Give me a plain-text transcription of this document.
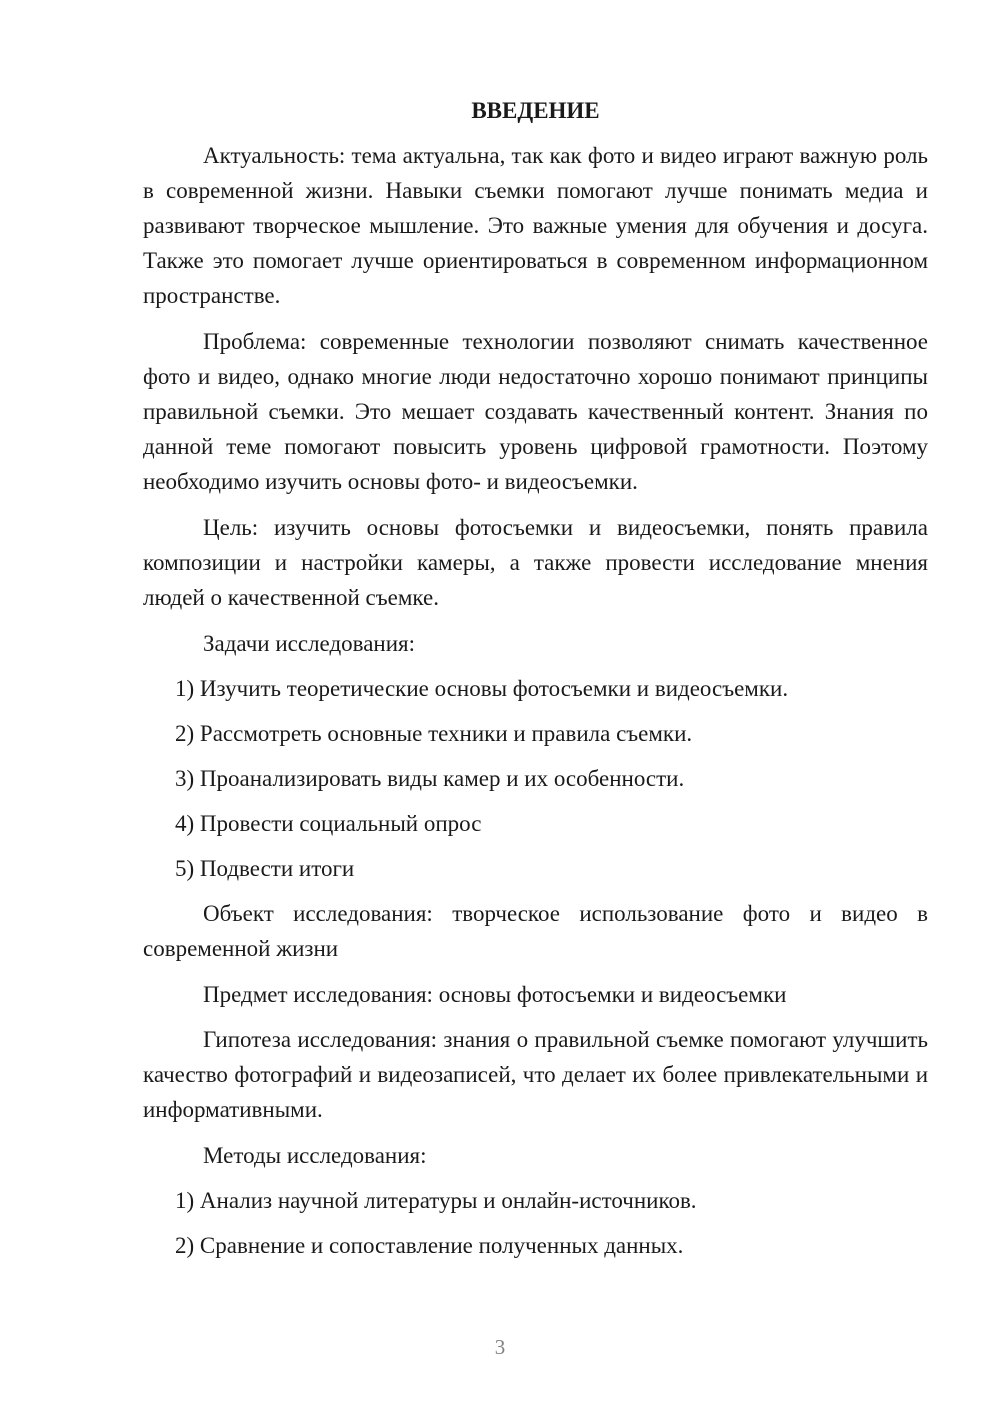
ВВЕДЕНИЕ

Актуальность: тема актуальна, так как фото и видео играют важную роль в современной жизни. Навыки съемки помогают лучше понимать медиа и развивают творческое мышление. Это важные умения для обучения и досуга. Также это помогает лучше ориентироваться в современном информационном пространстве.

Проблема: современные технологии позволяют снимать качественное фото и видео, однако многие люди недостаточно хорошо понимают принципы правильной съемки. Это мешает создавать качественный контент. Знания по данной теме помогают повысить уровень цифровой грамотности. Поэтому необходимо изучить основы фото- и видеосъемки.

Цель: изучить основы фотосъемки и видеосъемки, понять правила композиции и настройки камеры, а также провести исследование мнения людей о качественной съемке.

Задачи исследования:

1) Изучить теоретические основы фотосъемки и видеосъемки.
2) Рассмотреть основные техники и правила съемки.
3) Проанализировать виды камер и их особенности.
4) Провести социальный опрос
5) Подвести итоги

Объект исследования: творческое использование фото и видео в современной жизни

Предмет исследования: основы фотосъемки и видеосъемки

Гипотеза исследования: знания о правильной съемке помогают улучшить качество фотографий и видеозаписей, что делает их более привлекательными и информативными.

Методы исследования:

1) Анализ научной литературы и онлайн-источников.
2) Сравнение и сопоставление полученных данных.
3
